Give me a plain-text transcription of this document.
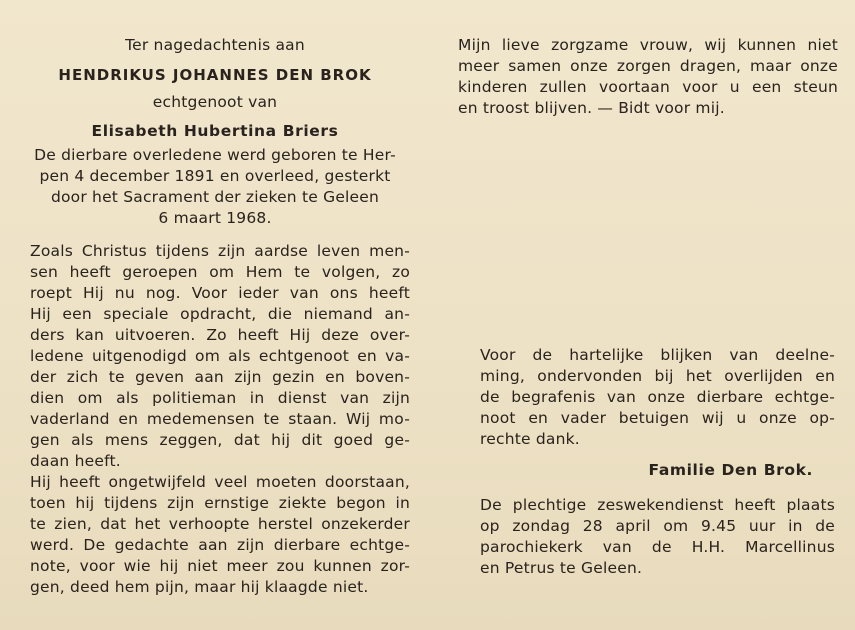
Ter nagedachtenis aan
HENDRIKUS JOHANNES DEN BROK
echtgenoot van
Elisabeth Hubertina Briers
De dierbare overledene werd geboren te Her-
pen 4 december 1891 en overleed, gesterkt
door het Sacrament der zieken te Geleen
6 maart 1968.
Zoals Christus tijdens zijn aardse leven men-
sen heeft geroepen om Hem te volgen, zo
roept Hij nu nog. Voor ieder van ons heeft
Hij een speciale opdracht, die niemand an-
ders kan uitvoeren. Zo heeft Hij deze over-
ledene uitgenodigd om als echtgenoot en va-
der zich te geven aan zijn gezin en boven-
dien om als politieman in dienst van zijn
vaderland en medemensen te staan. Wij mo-
gen als mens zeggen, dat hij dit goed ge-
daan heeft.
Hij heeft ongetwijfeld veel moeten doorstaan,
toen hij tijdens zijn ernstige ziekte begon in
te zien, dat het verhoopte herstel onzekerder
werd. De gedachte aan zijn dierbare echtge-
note, voor wie hij niet meer zou kunnen zor-
gen, deed hem pijn, maar hij klaagde niet.
Mijn lieve zorgzame vrouw, wij kunnen niet
meer samen onze zorgen dragen, maar onze
kinderen zullen voortaan voor u een steun
en troost blijven. — Bidt voor mij.
Voor de hartelijke blijken van deelne-
ming, ondervonden bij het overlijden en
de begrafenis van onze dierbare echtge-
noot en vader betuigen wij u onze op-
rechte dank.
Familie Den Brok.
De plechtige zeswekendienst heeft plaats
op zondag 28 april om 9.45 uur in de
parochiekerk van de H.H. Marcellinus
en Petrus te Geleen.
